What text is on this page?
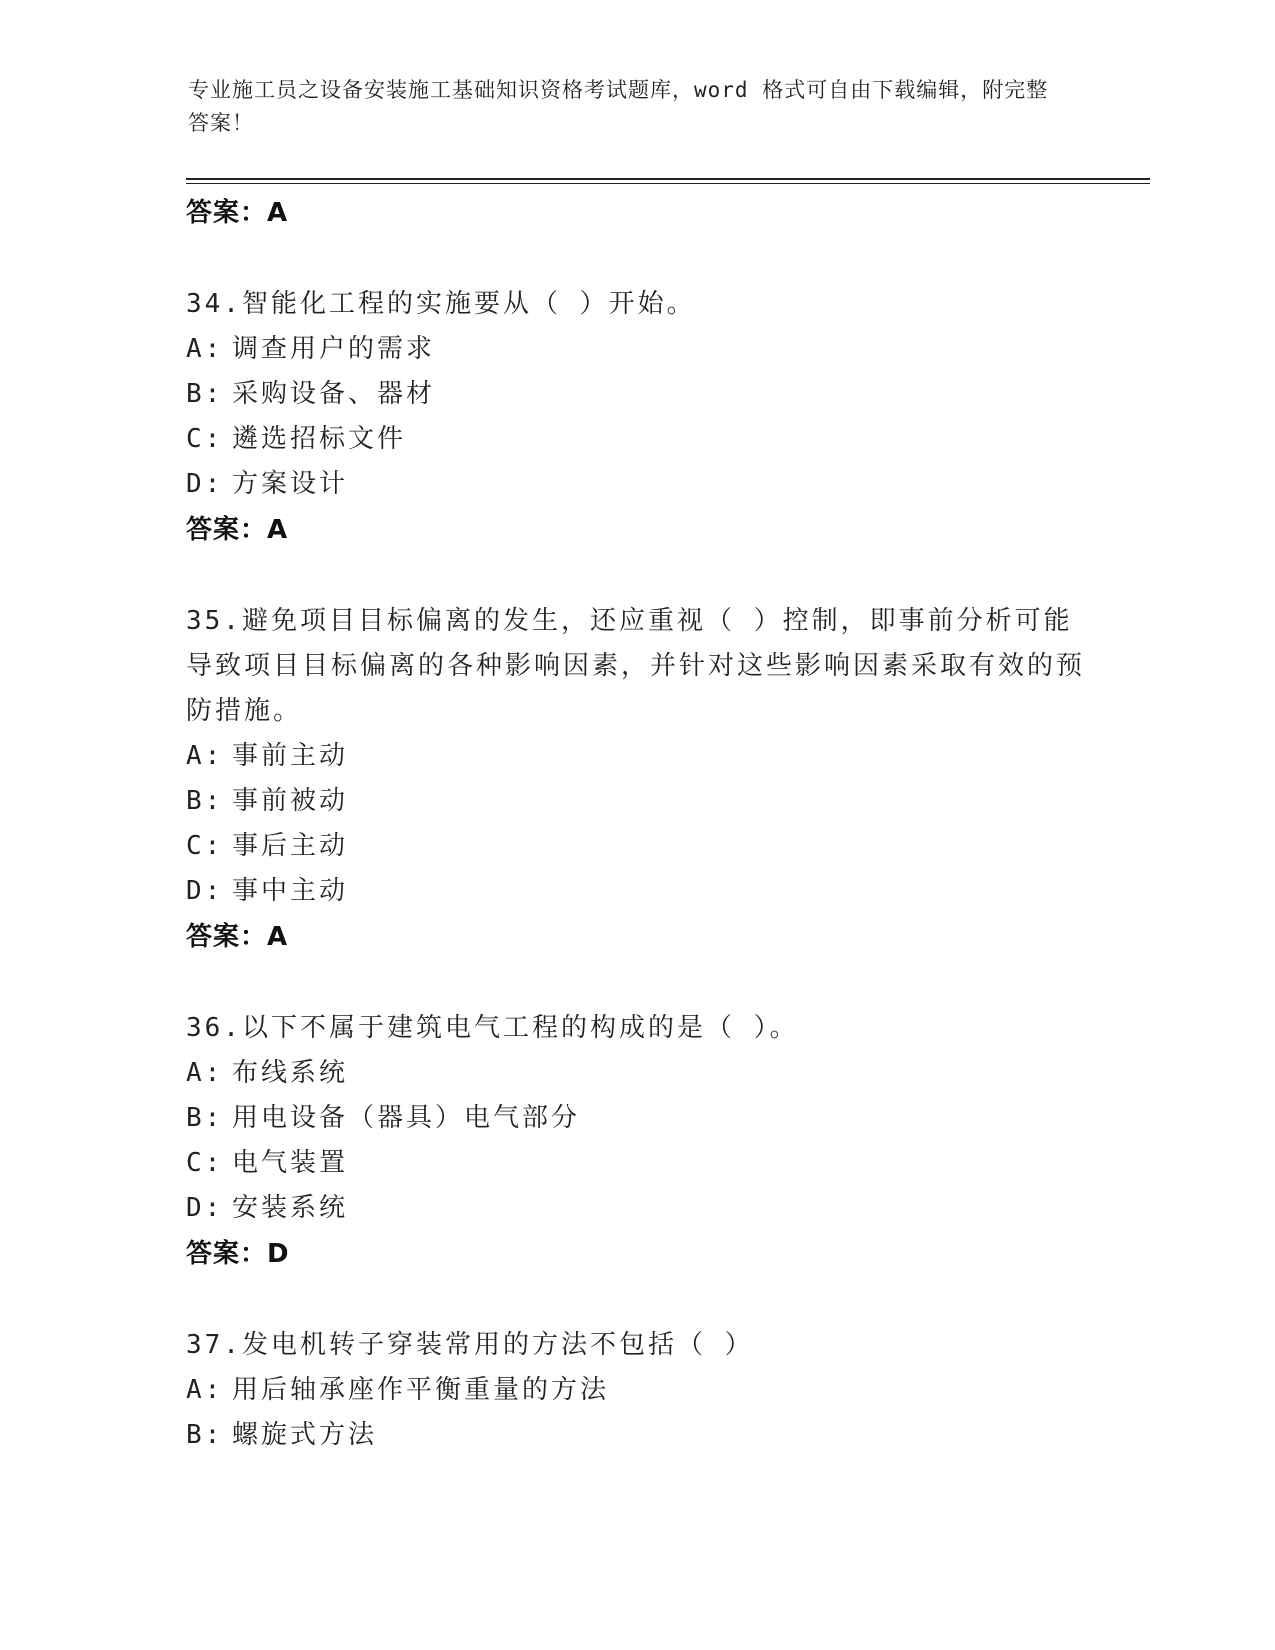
专业施工员之设备安装施工基础知识资格考试题库，word 格式可自由下载编辑，附完整答案！
答案：A
34.智能化工程的实施要从（ ）开始。
A: 调查用户的需求
B: 采购设备、器材
C: 遴选招标文件
D: 方案设计
答案：A
35.避免项目目标偏离的发生，还应重视（ ）控制，即事前分析可能导致项目目标偏离的各种影响因素，并针对这些影响因素采取有效的预防措施。
A: 事前主动
B: 事前被动
C: 事后主动
D: 事中主动
答案：A
36.以下不属于建筑电气工程的构成的是（ ）。
A: 布线系统
B: 用电设备（器具）电气部分
C: 电气装置
D: 安装系统
答案：D
37.发电机转子穿装常用的方法不包括（ ）
A: 用后轴承座作平衡重量的方法
B: 螺旋式方法
